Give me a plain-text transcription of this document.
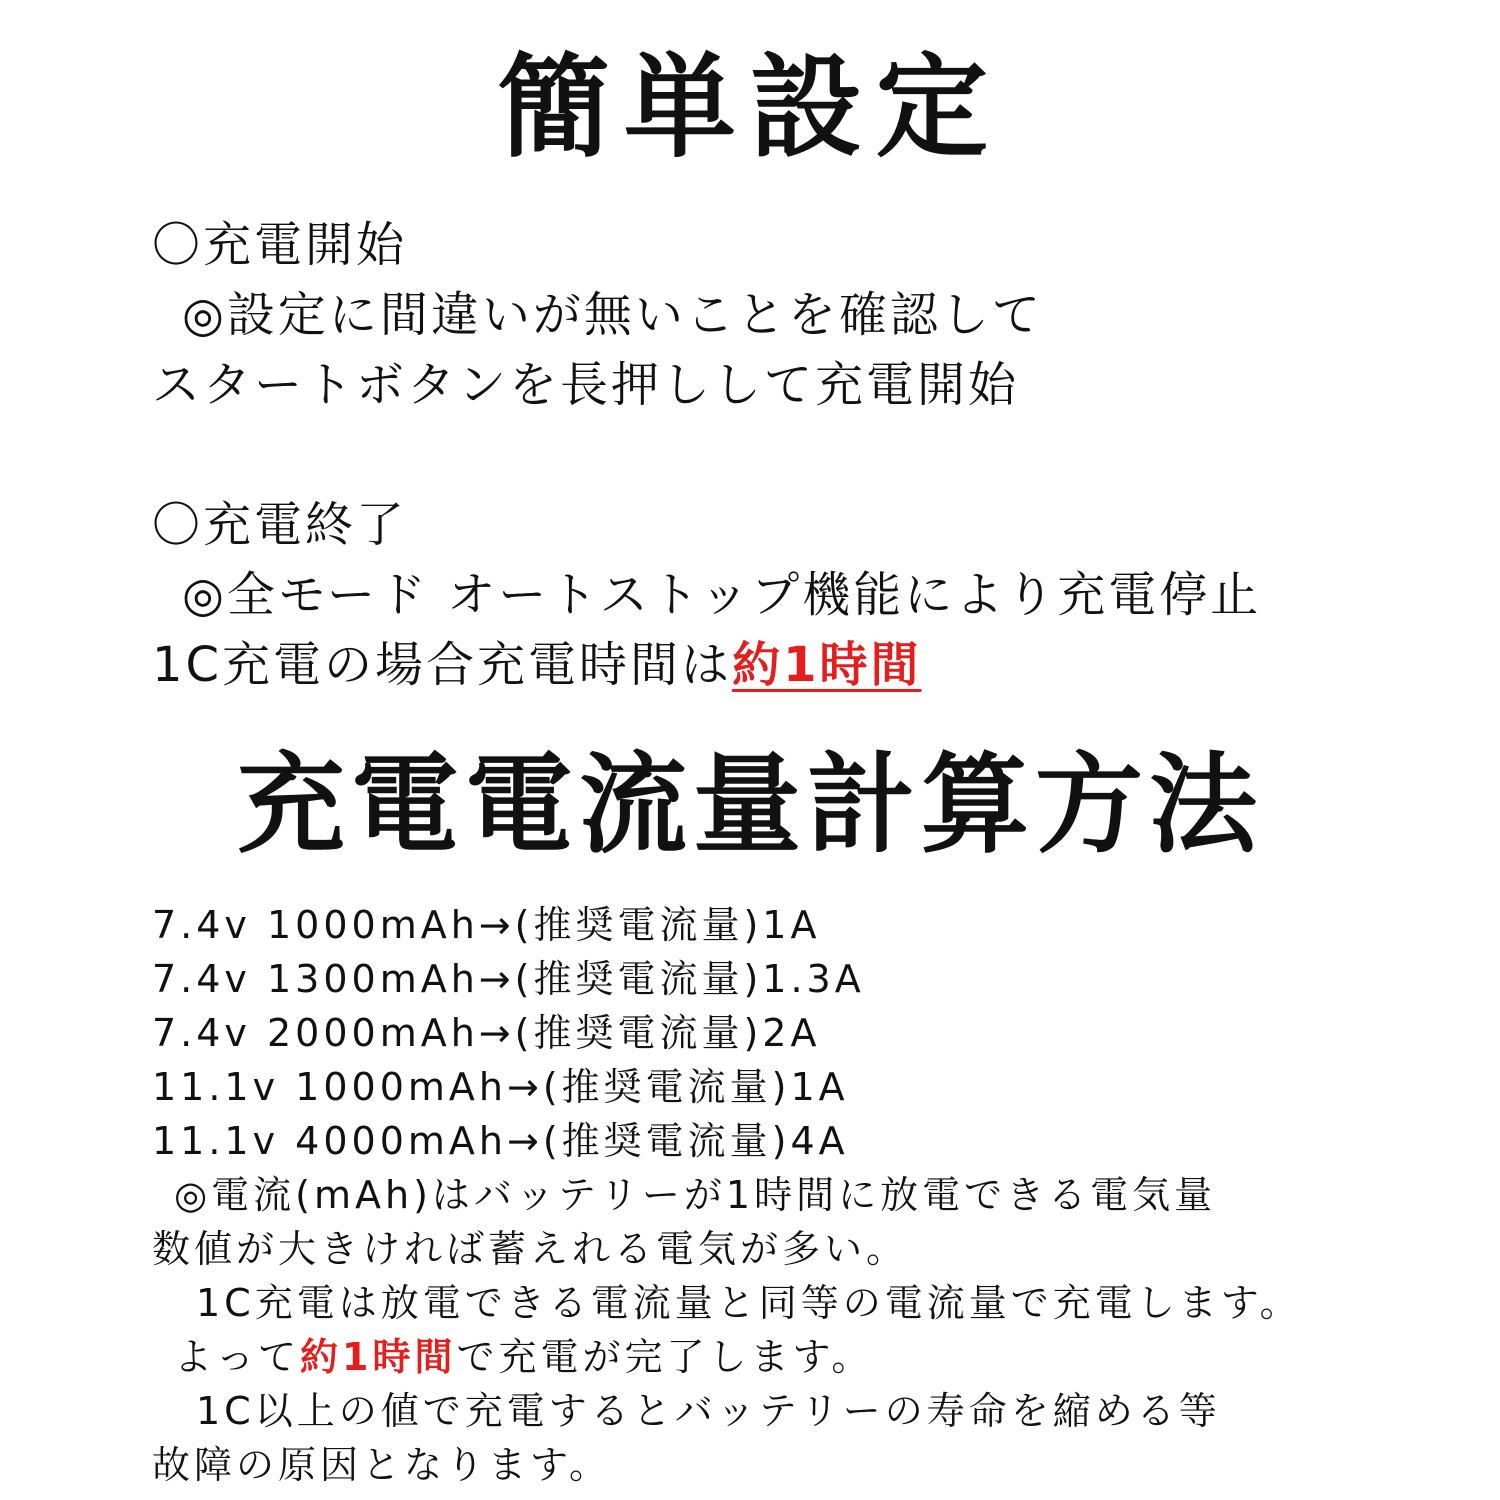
簡単設定
〇充電開始
◎設定に間違いが無いことを確認して
スタートボタンを長押しして充電開始
〇充電終了
◎全モード オートストップ機能により充電停止
1C充電の場合充電時間は約1時間
充電電流量計算方法
7.4v 1000mAh→(推奨電流量)1A
7.4v 1300mAh→(推奨電流量)1.3A
7.4v 2000mAh→(推奨電流量)2A
11.1v 1000mAh→(推奨電流量)1A
11.1v 4000mAh→(推奨電流量)4A
◎電流(mAh)はバッテリーが1時間に放電できる電気量
数値が大きければ蓄えれる電気が多い。
1C充電は放電できる電流量と同等の電流量で充電します。
よって約1時間で充電が完了します。
1C以上の値で充電するとバッテリーの寿命を縮める等
故障の原因となります。
